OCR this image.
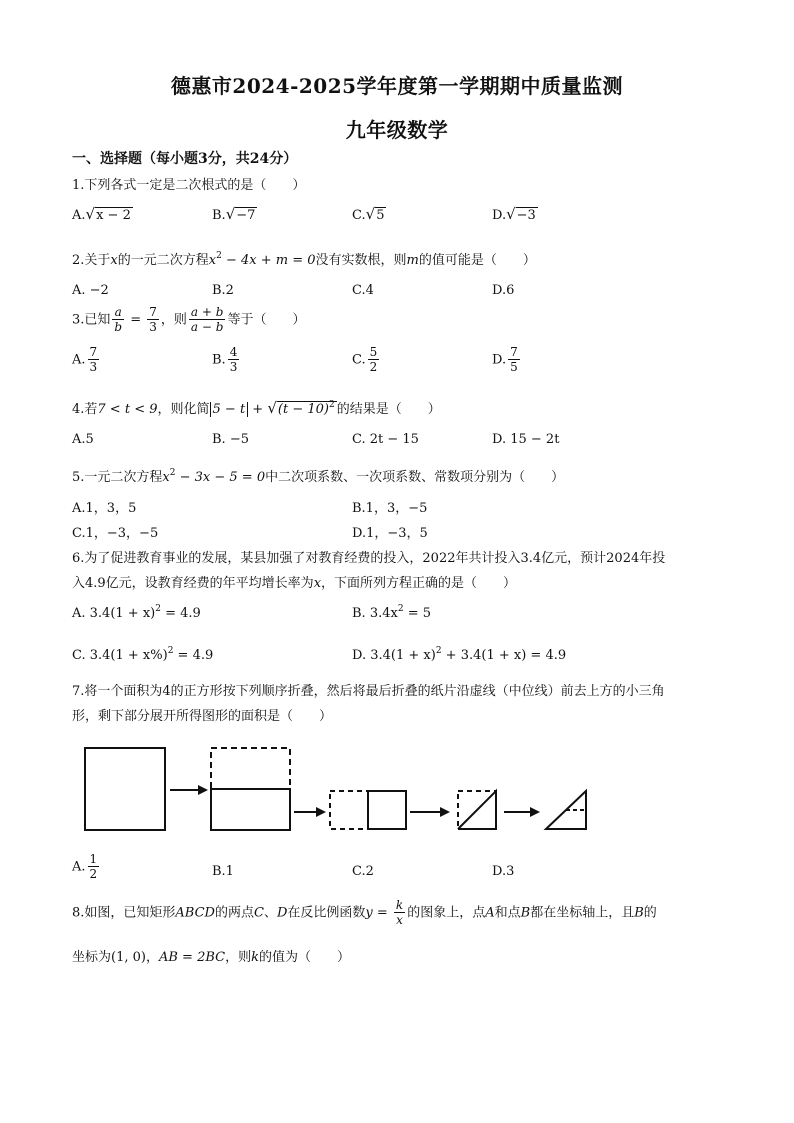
德惠市2024-2025学年度第一学期期中质量监测
九年级数学
一、选择题（每小题3分，共24分）
1.下列各式一定是二次根式的是（　　）
A.√x − 2	B.√−7	C.√5	D.√−3
2.关于x的一元二次方程$x^2 - 4x + m = 0$没有实数根，则m的值可能是（　　）
A. −2	B.2	C.4	D.6
3.已知 $\frac{a}{b} = \frac{7}{3}$ ，则 $\frac{a + b}{a - b}$ 等于（　　）
A. $\frac{7}{3}$	B. $\frac{4}{3}$	C. $\frac{5}{2}$	D. $\frac{7}{5}$
4.若7 < t < 9，则化简 $5 - t + √(t - 10)^2$ 的结果是（　　）
A.5	B. −5	C. 2t − 15	D. 15 − 2t
5.一元二次方程$x^2 - 3x - 5 = 0$中二次项系数、一次项系数、常数项分别为（　　）
A.1，3，5	B.1，3，−5
C.1，−3，−5	D.1，−3，5
6.为了促进教育事业的发展，某县加强了对教育经费的投入，2022年共计投入3.4亿元，预计2024年投
入4.9亿元，设教育经费的年平均增长率为x，下面所列方程正确的是（　　）
A. $3.4(1 + x)^2 = 4.9$	B. $3.4x^2 = 5$
C. $3.4(1 + x\%)^2 = 4.9$	D. $3.4(1 + x)^2 + 3.4(1 + x) = 4.9$
7.将一个面积为4的正方形按下列顺序折叠，然后将最后折叠的纸片沿虚线（中位线）前去上方的小三角
形，剩下部分展开所得图形的面积是（　　）
A. $\frac{1}{2}$	B.1	C.2	D.3
8.如图，已知矩形ABCD的两点C、D在反比例函数$y = \frac{k}{x}$ 的图象上，点A和点B都在坐标轴上，且B的
坐标为(1, 0)，AB = 2BC，则k的值为（　　）
